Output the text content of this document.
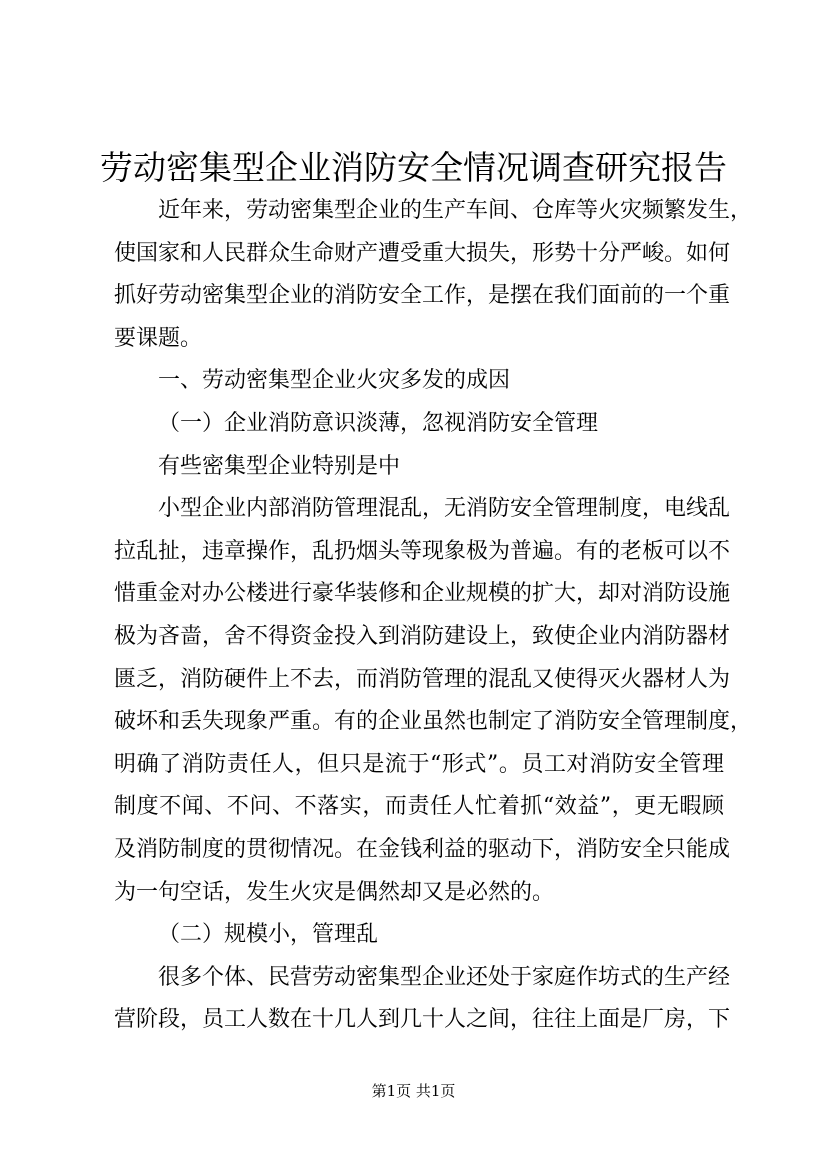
劳动密集型企业消防安全情况调查研究报告
近年来，劳动密集型企业的生产车间、仓库等火灾频繁发生，
使国家和人民群众生命财产遭受重大损失，形势十分严峻。如何
抓好劳动密集型企业的消防安全工作，是摆在我们面前的一个重
要课题。
一、劳动密集型企业火灾多发的成因
（一）企业消防意识淡薄，忽视消防安全管理
有些密集型企业特别是中
小型企业内部消防管理混乱，无消防安全管理制度，电线乱
拉乱扯，违章操作，乱扔烟头等现象极为普遍。有的老板可以不
惜重金对办公楼进行豪华装修和企业规模的扩大，却对消防设施
极为吝啬，舍不得资金投入到消防建设上，致使企业内消防器材
匮乏，消防硬件上不去，而消防管理的混乱又使得灭火器材人为
破坏和丢失现象严重。有的企业虽然也制定了消防安全管理制度，
明确了消防责任人，但只是流于“形式”。员工对消防安全管理
制度不闻、不问、不落实，而责任人忙着抓“效益”，更无暇顾
及消防制度的贯彻情况。在金钱利益的驱动下，消防安全只能成
为一句空话，发生火灾是偶然却又是必然的。
（二）规模小，管理乱
很多个体、民营劳动密集型企业还处于家庭作坊式的生产经
营阶段，员工人数在十几人到几十人之间，往往上面是厂房，下
第1页 共1页
